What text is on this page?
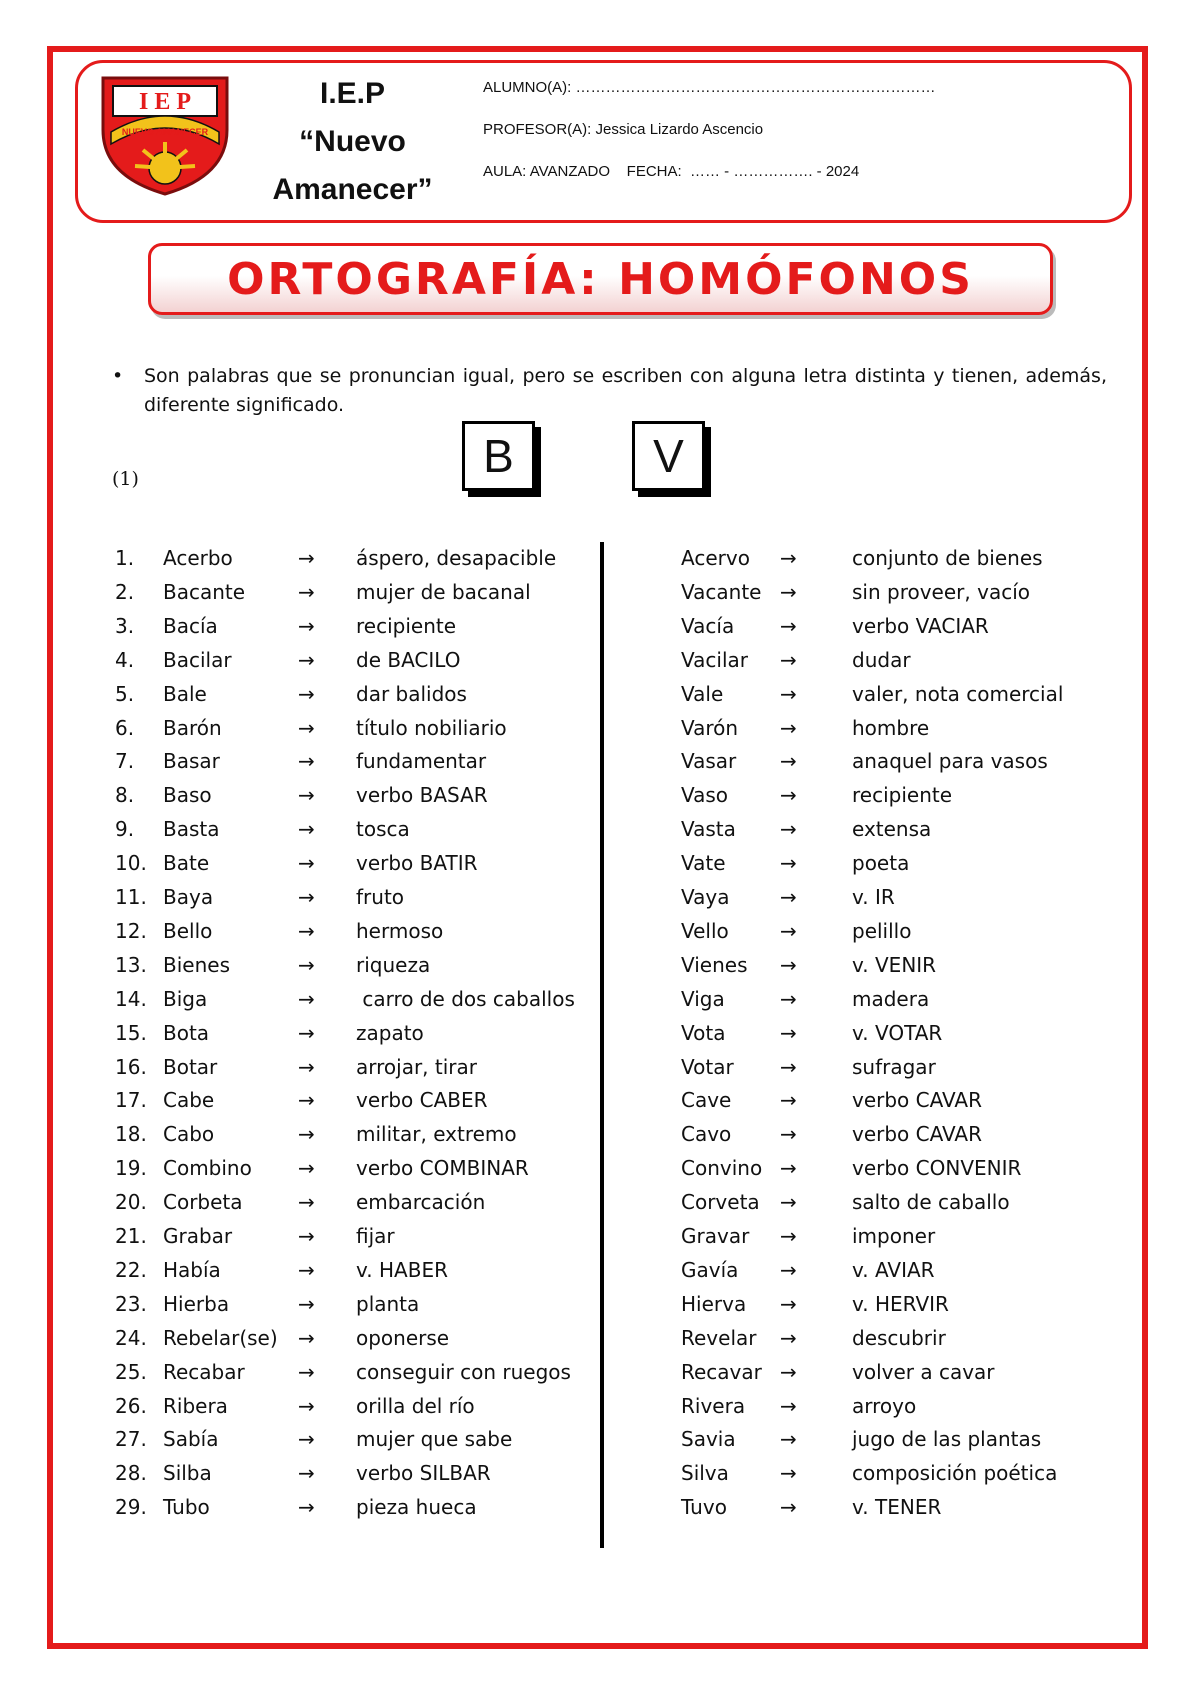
I E P
NUEVO AMANECER
I.E.P
“Nuevo
Amanecer”
ALUMNO(A): ………………………………………………………………
PROFESOR(A): Jessica Lizardo Ascencio
AULA: AVANZADO    FECHA:  …… - ……………. - 2024
ORTOGRAFÍA: HOMÓFONOS
• Son palabras que se pronuncian igual, pero se escriben con alguna letra distinta y tienen, además, diferente significado.
B	V
(1)
1. Acerbo	→ áspero, desapacible	Acervo →	conjunto de bienes
2. Bacante	→ mujer de bacanal	Vacante →	sin proveer, vacío
3. Bacía	→ recipiente	Vacía →	verbo VACIAR
4. Bacilar	→ de BACILO	Vacilar →	dudar
5. Bale	→ dar balidos	Vale	→	valer, nota comercial
6. Barón	→ título nobiliario	Varón →	hombre
7. Basar	→ fundamentar	Vasar →	anaquel para vasos
8. Baso	→ verbo BASAR	Vaso	→	recipiente
9. Basta	→ tosca	Vasta →	extensa
10. Bate	→ verbo BATIR	Vate	→	poeta
11. Baya	→ fruto	Vaya	→	v. IR
12. Bello	→ hermoso	Vello	→	pelillo
13. Bienes	→ riqueza	Vienes →	v. VENIR
14. Biga	→ carro de dos caballos	Viga	→	madera
15. Bota	→ zapato	Vota	→	v. VOTAR
16. Botar	→ arrojar, tirar	Votar →	sufragar
17. Cabe	→ verbo CABER	Cave →	verbo CAVAR
18. Cabo	→ militar, extremo	Cavo →	verbo CAVAR
19. Combino → verbo COMBINAR	Convino →	verbo CONVENIR
20. Corbeta	→ embarcación	Corveta →	salto de caballo
21. Grabar	→ fijar	Gravar →	imponer
22. Había	→ v. HABER	Gavía →	v. AVIAR
23. Hierba	→ planta	Hierva →	v. HERVIR
24. Rebelar(se) → oponerse	Revelar →	descubrir
25. Recabar	→ conseguir con ruegos	Recavar →	volver a cavar
26. Ribera	→ orilla del río	Rivera →	arroyo
27. Sabía	→ mujer que sabe	Savia →	jugo de las plantas
28. Silba	→ verbo SILBAR	Silva	→	composición poética
29. Tubo	→ pieza hueca	Tuvo	→	v. TENER
